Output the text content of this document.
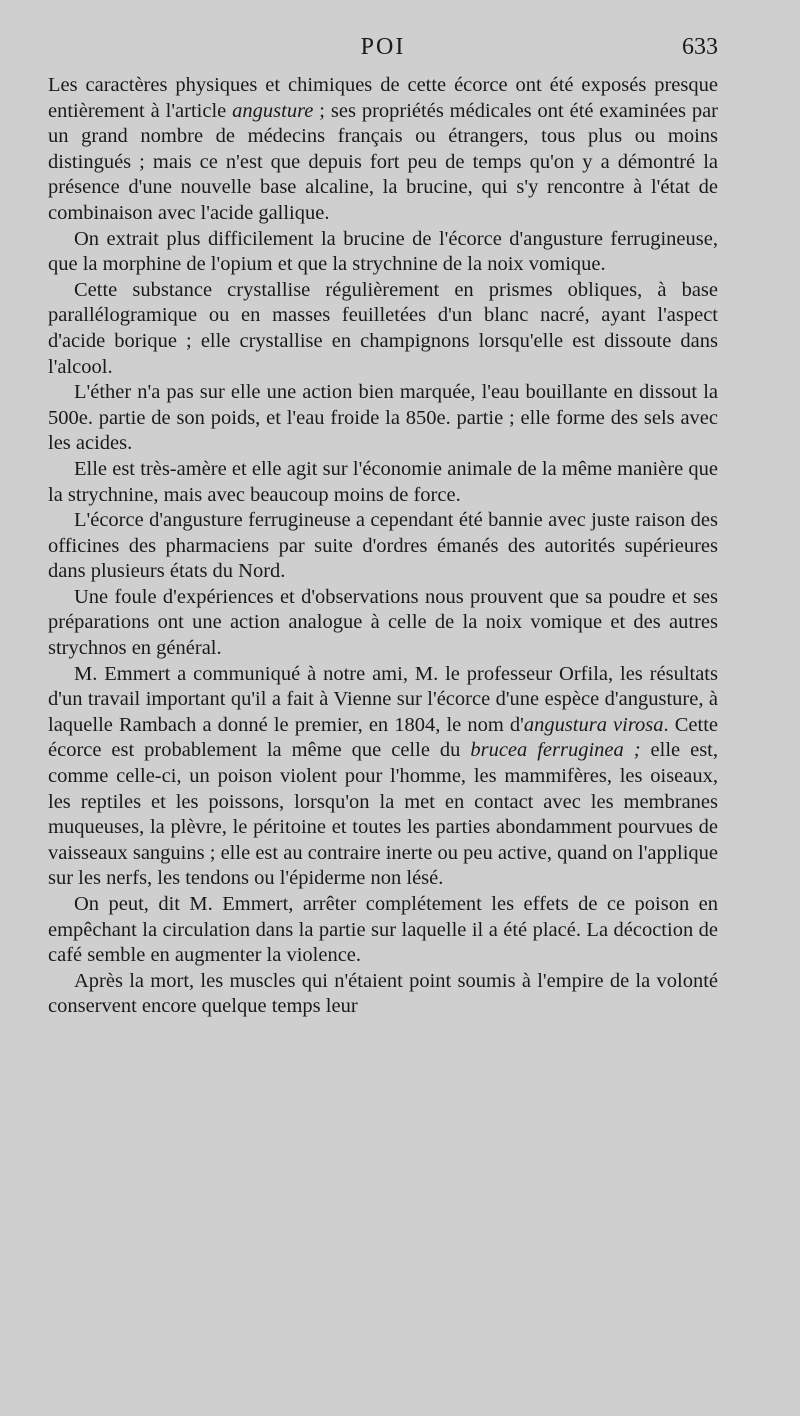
POI	633

Les caractères physiques et chimiques de cette écorce ont été exposés presque entièrement à l'article angusture ; ses propriétés médicales ont été examinées par un grand nombre de médecins français ou étrangers, tous plus ou moins distingués ; mais ce n'est que depuis fort peu de temps qu'on y a démontré la présence d'une nouvelle base alcaline, la brucine, qui s'y rencontre à l'état de combinaison avec l'acide gallique.

On extrait plus difficilement la brucine de l'écorce d'angusture ferrugineuse, que la morphine de l'opium et que la strychnine de la noix vomique.

Cette substance crystallise régulièrement en prismes obliques, à base parallélogramique ou en masses feuilletées d'un blanc nacré, ayant l'aspect d'acide borique ; elle crystallise en champignons lorsqu'elle est dissoute dans l'alcool.

L'éther n'a pas sur elle une action bien marquée, l'eau bouillante en dissout la 500e. partie de son poids, et l'eau froide la 850e. partie ; elle forme des sels avec les acides.

Elle est très-amère et elle agit sur l'économie animale de la même manière que la strychnine, mais avec beaucoup moins de force.

L'écorce d'angusture ferrugineuse a cependant été bannie avec juste raison des officines des pharmaciens par suite d'ordres émanés des autorités supérieures dans plusieurs états du Nord.

Une foule d'expériences et d'observations nous prouvent que sa poudre et ses préparations ont une action analogue à celle de la noix vomique et des autres strychnos en général.

M. Emmert a communiqué à notre ami, M. le professeur Orfila, les résultats d'un travail important qu'il a fait à Vienne sur l'écorce d'une espèce d'angusture, à laquelle Rambach a donné le premier, en 1804, le nom d'angustura virosa. Cette écorce est probablement la même que celle du brucea ferruginea ; elle est, comme celle-ci, un poison violent pour l'homme, les mammifères, les oiseaux, les reptiles et les poissons, lorsqu'on la met en contact avec les membranes muqueuses, la plèvre, le péritoine et toutes les parties abondamment pourvues de vaisseaux sanguins ; elle est au contraire inerte ou peu active, quand on l'applique sur les nerfs, les tendons ou l'épiderme non lésé.

On peut, dit M. Emmert, arrêter complétement les effets de ce poison en empêchant la circulation dans la partie sur laquelle il a été placé. La décoction de café semble en augmenter la violence.

Après la mort, les muscles qui n'étaient point soumis à l'empire de la volonté conservent encore quelque temps leur
